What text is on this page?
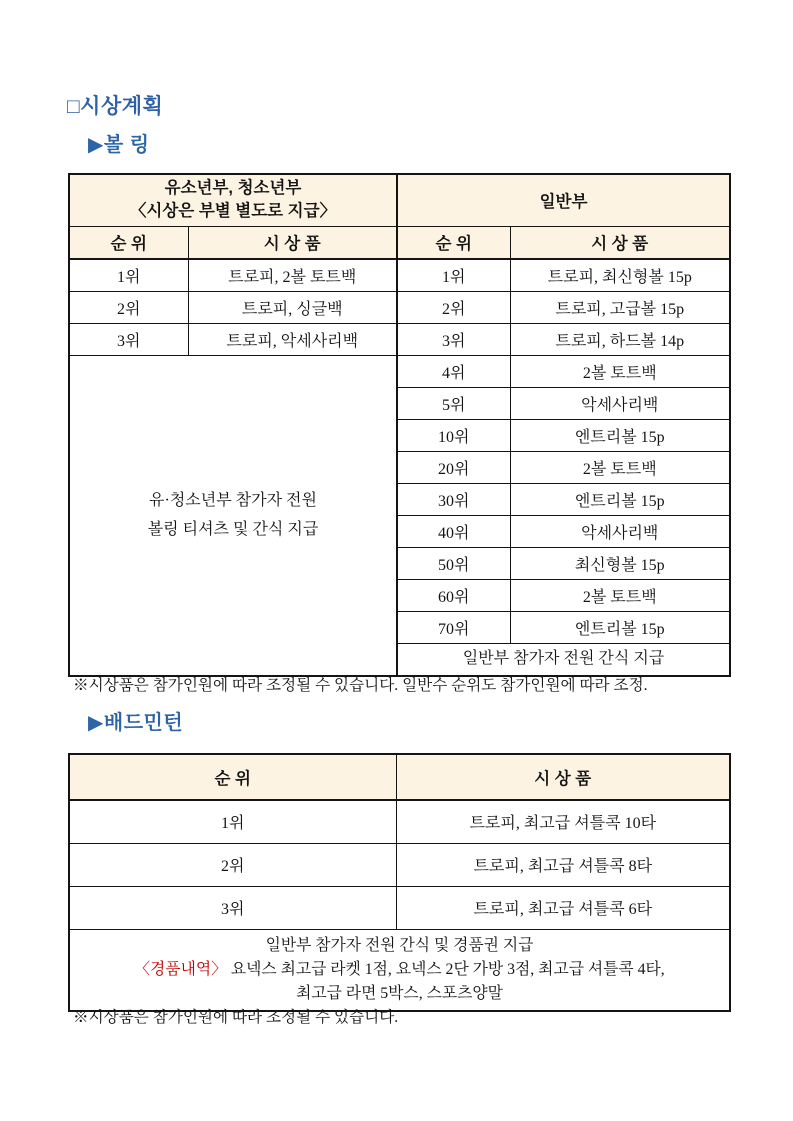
□시상계획
▶볼 링
유소년부, 청소년부
〈시상은 부별 별도로 지급〉		일반부	
순 위	시 상 품	순 위	시 상 품
1위	트로피, 2볼 토트백	1위	트로피, 최신형볼 15p
2위	트로피, 싱글백	2위	트로피, 고급볼 15p
3위	트로피, 악세사리백	3위	트로피, 하드볼 14p

유·청소년부 참가자 전원
볼링 티셔츠 및 간식 지급		4위	2볼 토트백
		5위	악세사리백
		10위	엔트리볼 15p
		20위	2볼 토트백
		30위	엔트리볼 15p
		40위	악세사리백
		50위	최신형볼 15p
		60위	2볼 토트백
		70위	엔트리볼 15p
		일반부 참가자 전원 간식 지급	
※시상품은 참가인원에 따라 조정될 수 있습니다. 일반수 순위도 참가인원에 따라 조정.
▶배드민턴
순 위	시 상 품
1위	트로피, 최고급 셔틀콕 10타
2위	트로피, 최고급 셔틀콕 8타
3위	트로피, 최고급 셔틀콕 6타

일반부 참가자 전원 간식 및 경품권 지급
〈경품내역〉 요넥스 최고급 라켓 1점, 요넥스 2단 가방 3점, 최고급 셔틀콕 4타,
최고급 라면 5박스, 스포츠양말	
※시상품은 참가인원에 따라 조정될 수 있습니다.
